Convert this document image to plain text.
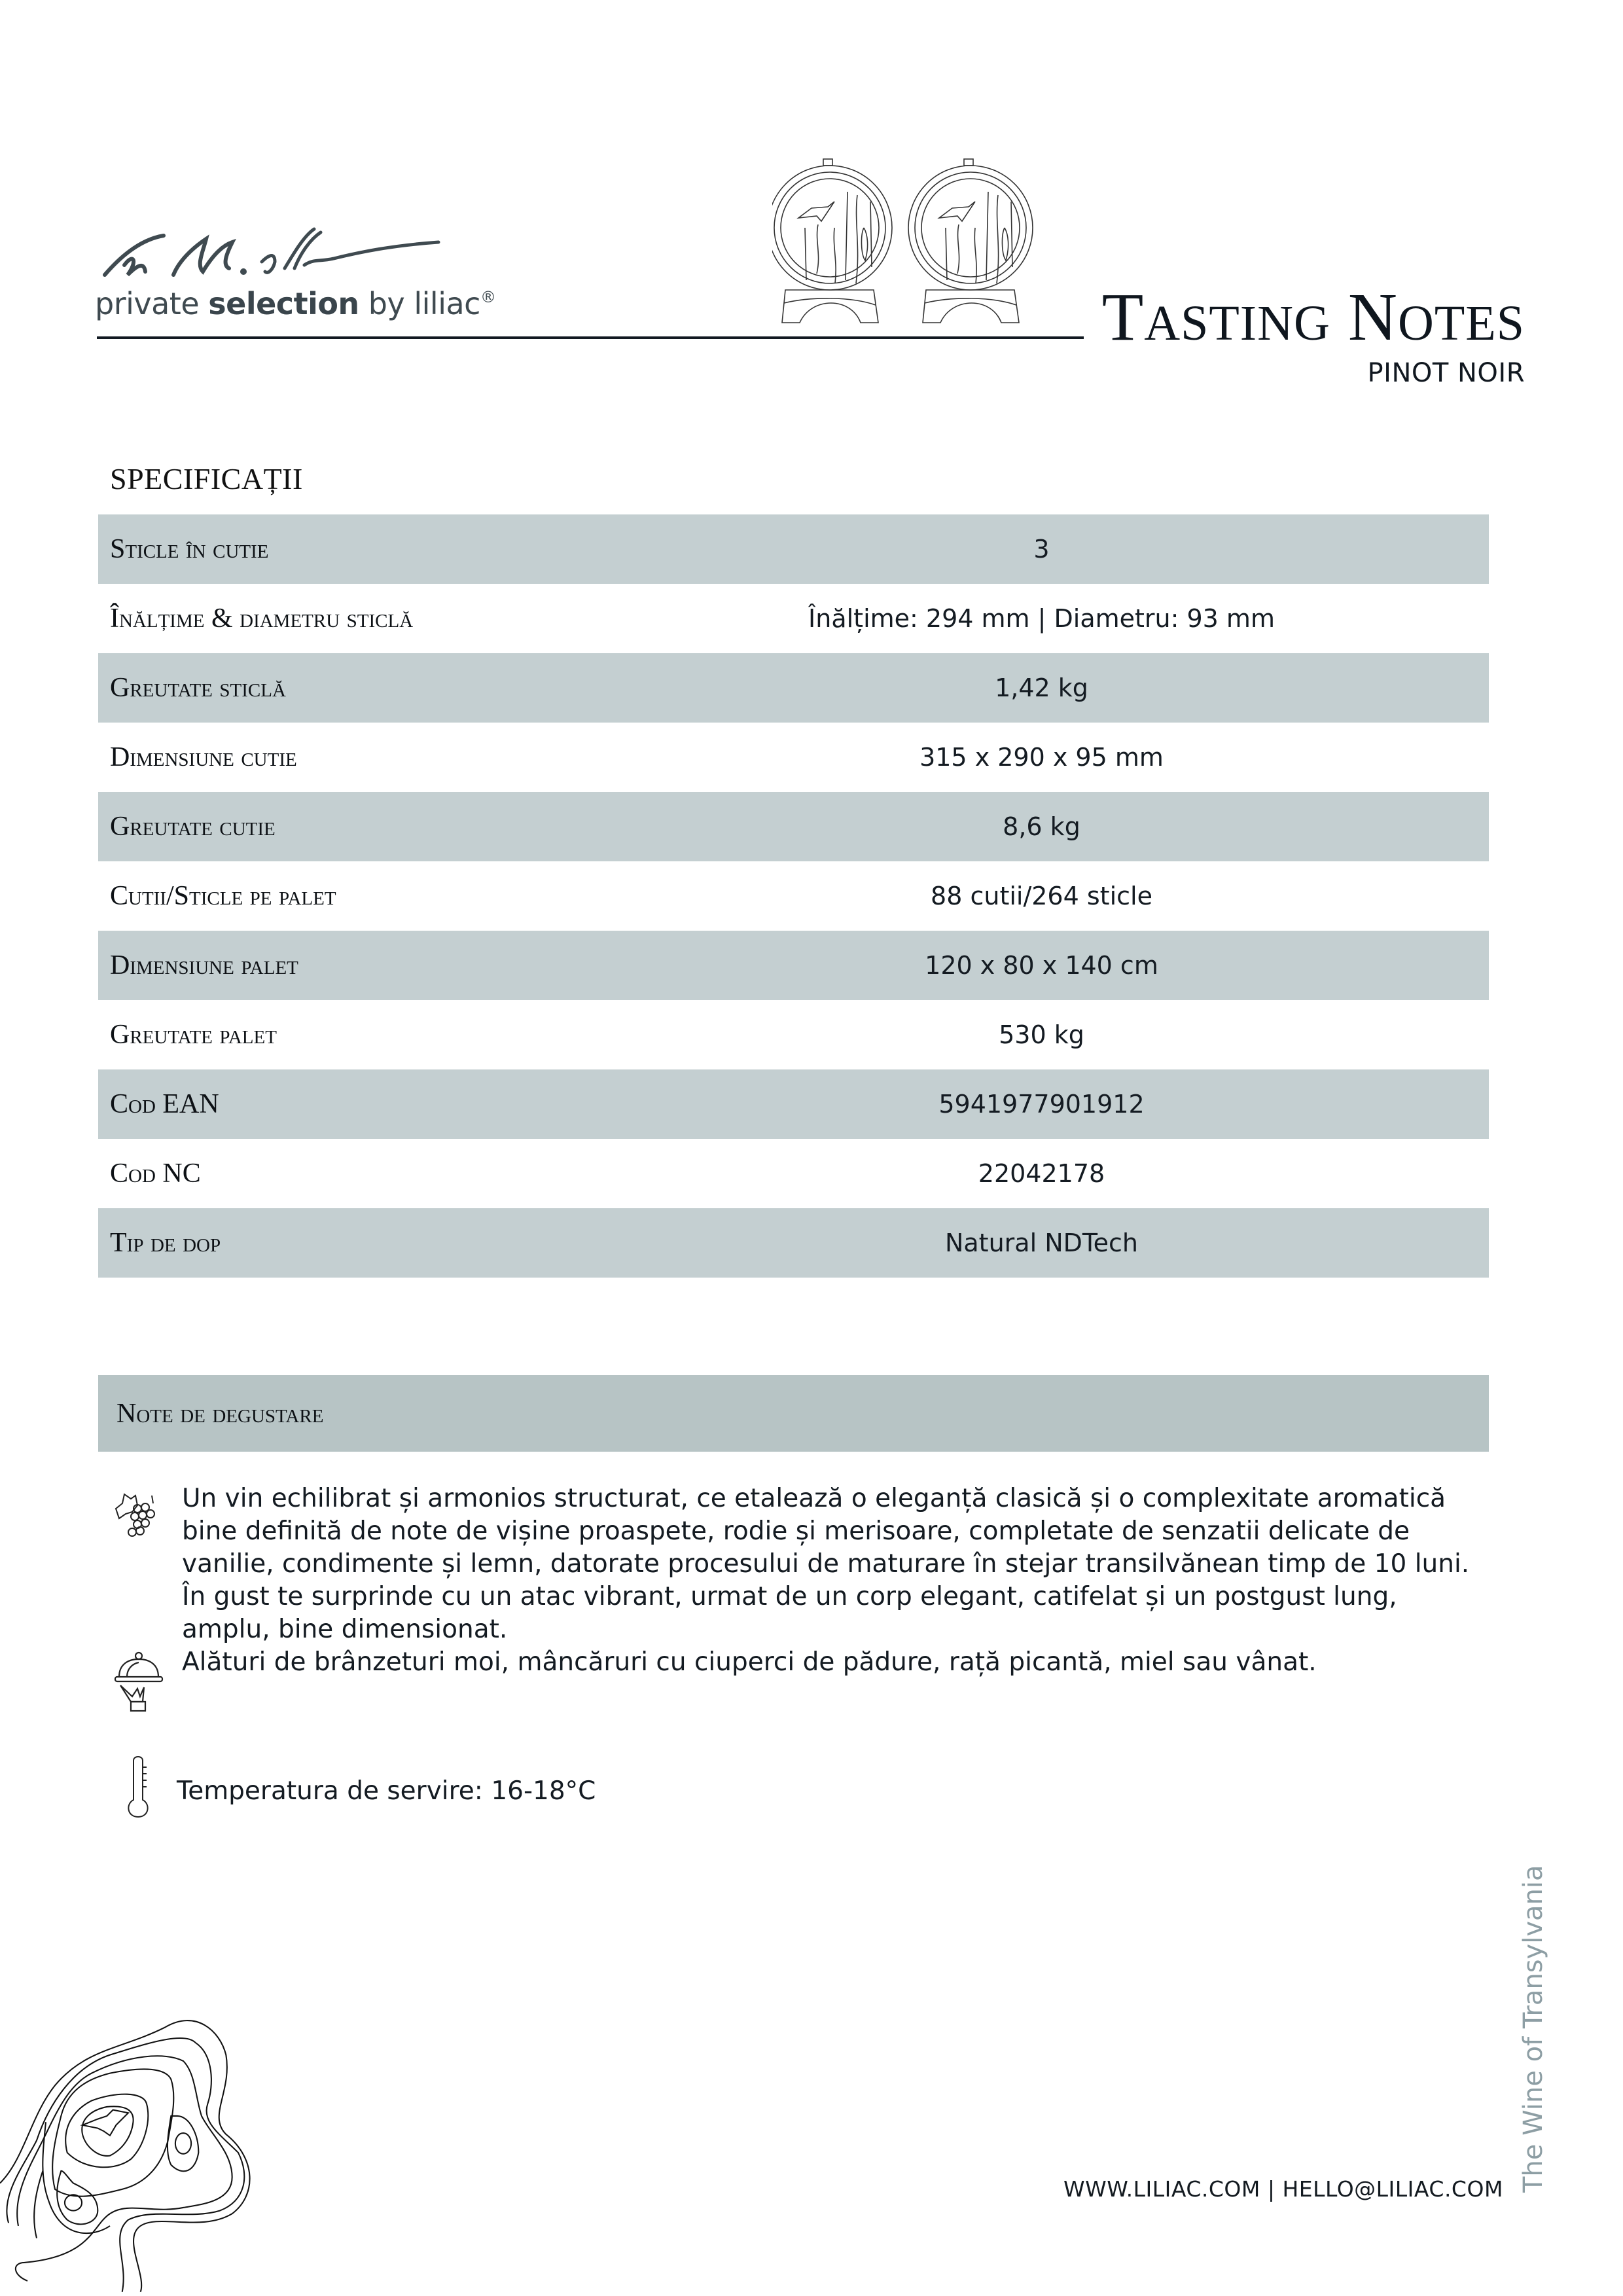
private selection by liliac®	TASTING NOTES
PINOT NOIR
SPECIFICAȚII
Sticle în cutie	3
Înălțime & diametru sticlă	Înălțime: 294 mm | Diametru: 93 mm
Greutate sticlă	1,42 kg
Dimensiune cutie	315 x 290 x 95 mm
Greutate cutie	8,6 kg
Cutii/Sticle pe palet	88 cutii/264 sticle
Dimensiune palet	120 x 80 x 140 cm
Greutate palet	530 kg
Cod EAN	5941977901912
Cod NC	22042178
Tip de dop	Natural NDTech
Note de degustare
Un vin echilibrat și armonios structurat, ce etalează o eleganță clasică și o complexitate aromatică bine definită de note de vișine proaspete, rodie și merisoare, completate de senzatii delicate de vanilie, condimente și lemn, datorate procesului de maturare în stejar transilvănean timp de 10 luni. În gust te surprinde cu un atac vibrant, urmat de un corp elegant, catifelat și un postgust lung, amplu, bine dimensionat.
Alături de brânzeturi moi, mâncăruri cu ciuperci de pădure, rață picantă, miel sau vânat.
Temperatura de servire: 16-18°C
The Wine of Transylvania
WWW.LILIAC.COM | HELLO@LILIAC.COM
